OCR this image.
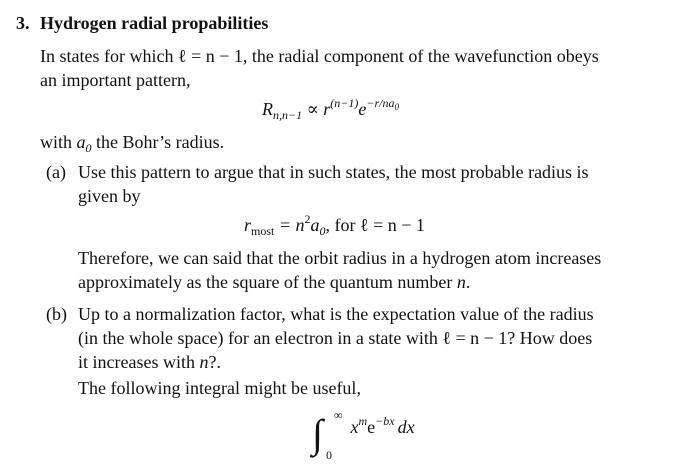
3. Hydrogen radial propabilities
In states for which ℓ = n − 1, the radial component of the wavefunction obeys
an important pattern,
$R_{n,n-1} \propto r^{(n-1)}e^{-r/na0}$
with $a_0$ the Bohr’s radius.
(a) Use this pattern to argue that in such states, the most probable radius is
given by
$r_{most} = n^2a_0$, for ℓ = n − 1
Therefore, we can said that the orbit radius in a hydrogen atom increases
approximately as the square of the quantum number n.
(b) Up to a normalization factor, what is the expectation value of the radius
(in the whole space) for an electron in a state with ℓ = n − 1? How does
it increases with n?.
The following integral might be useful,
∫ ∞
0
$x^me^{-bx}$ dx
